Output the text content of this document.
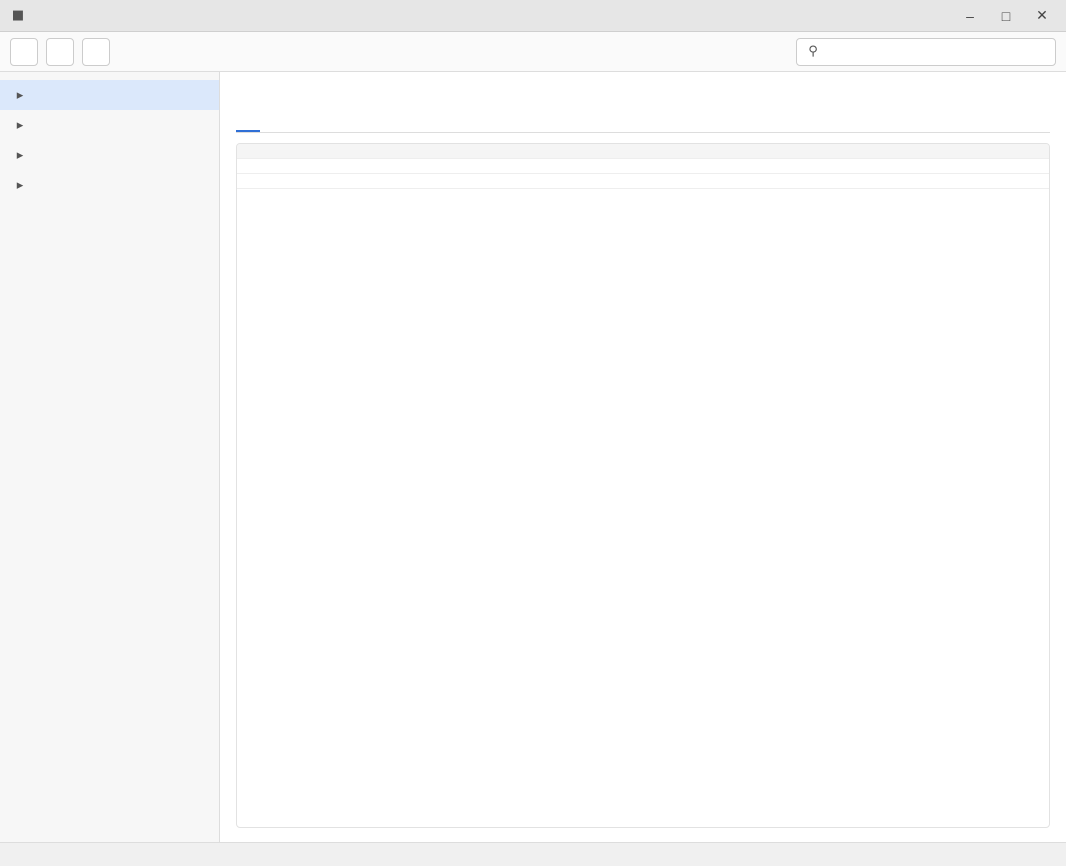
■	–	□	✕
⚲
▸
▸
▸
▸
